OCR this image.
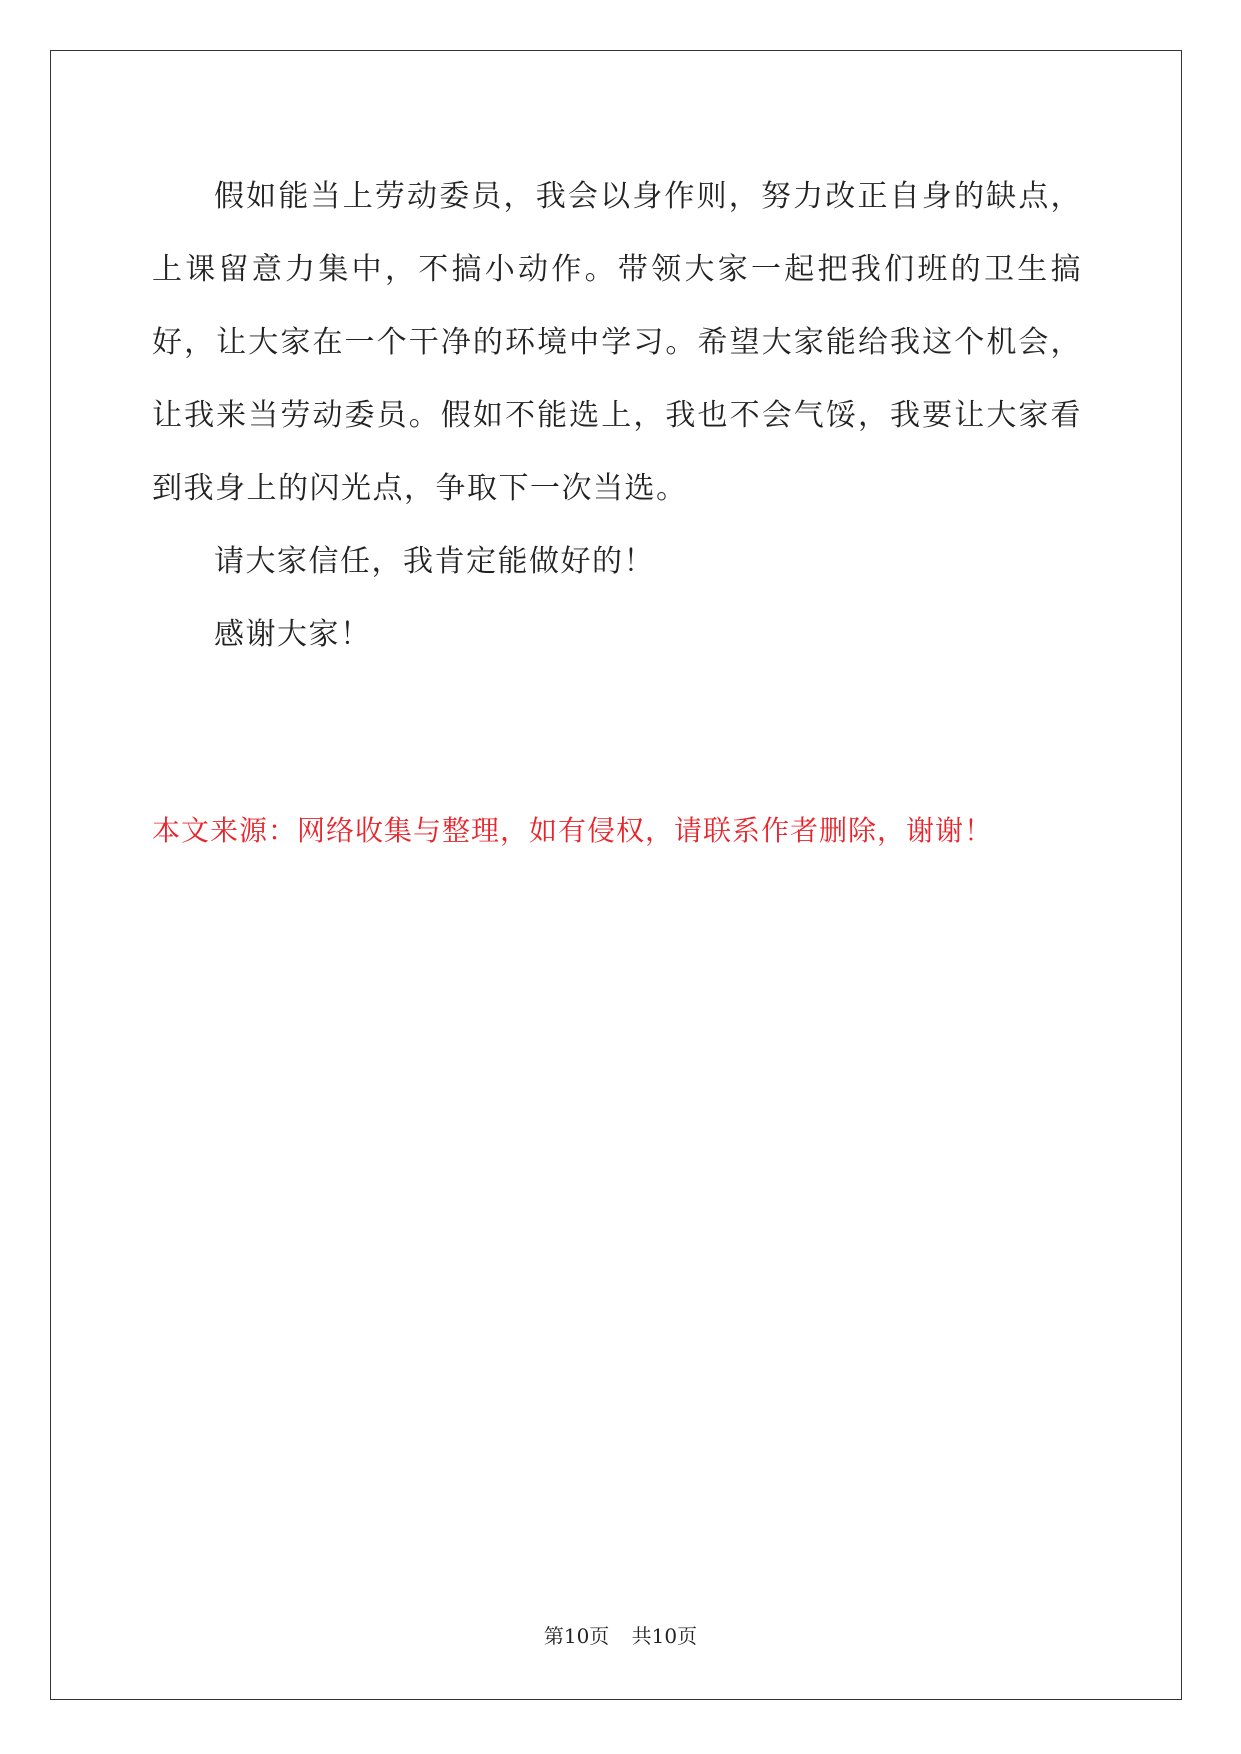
假如能当上劳动委员，我会以身作则，努力改正自身的缺点，上课留意力集中，不搞小动作。带领大家一起把我们班的卫生搞好，让大家在一个干净的环境中学习。希望大家能给我这个机会，让我来当劳动委员。假如不能选上，我也不会气馁，我要让大家看到我身上的闪光点，争取下一次当选。

请大家信任，我肯定能做好的！

感谢大家！

本文来源：网络收集与整理，如有侵权，请联系作者删除，谢谢！

第10页 共10页
